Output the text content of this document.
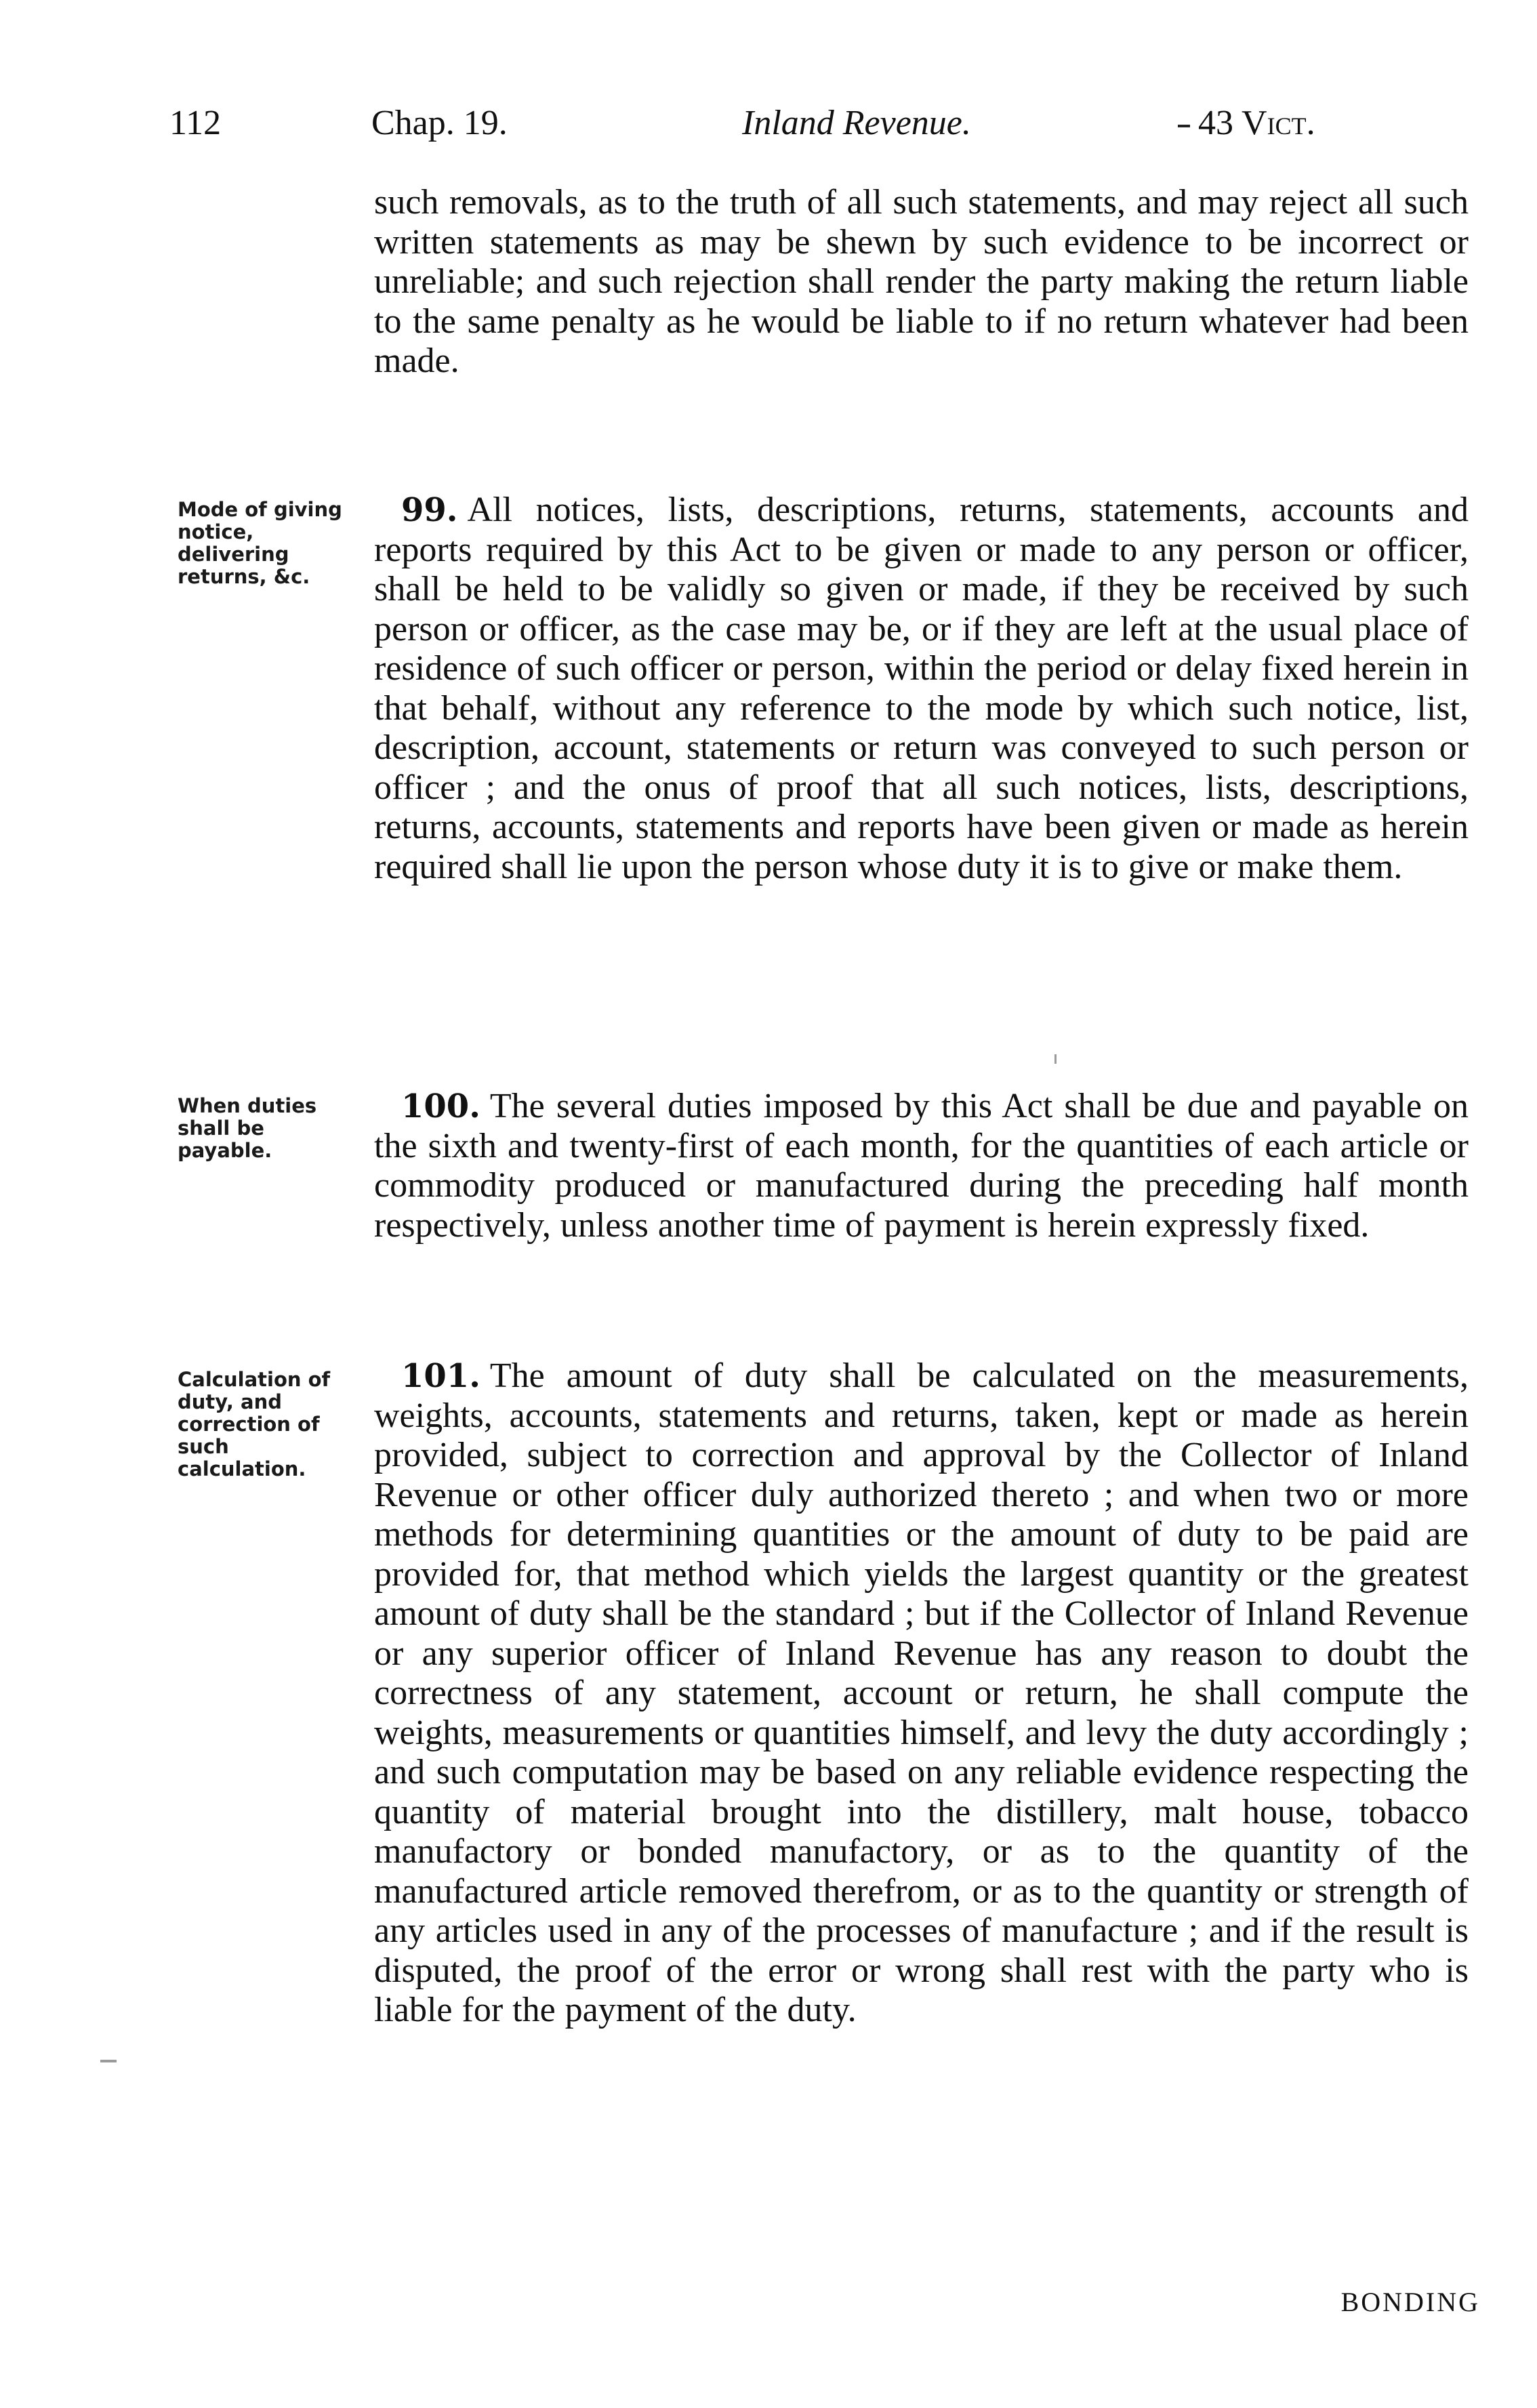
112	Chap. 19.	Inland Revenue.	43 Vict.
such removals, as to the truth of all such statements, and may reject all such written statements as may be shewn by such evidence to be incorrect or unreliable; and such rejection shall render the party making the return liable to the same penalty as he would be liable to if no return whatever had been made.
Mode of giving notice, delivering returns, &c.
99. All notices, lists, descriptions, returns, statements, accounts and reports required by this Act to be given or made to any person or officer, shall be held to be validly so given or made, if they be received by such person or officer, as the case may be, or if they are left at the usual place of residence of such officer or person, within the period or delay fixed herein in that behalf, without any reference to the mode by which such notice, list, description, account, statements or return was conveyed to such person or officer ; and the onus of proof that all such notices, lists, descriptions, returns, accounts, statements and reports have been given or made as herein required shall lie upon the person whose duty it is to give or make them.
When duties shall be payable.
100. The several duties imposed by this Act shall be due and payable on the sixth and twenty-first of each month, for the quantities of each article or commodity produced or manufactured during the preceding half month respectively, unless another time of payment is herein expressly fixed.
Calculation of duty, and correction of such calculation.
101. The amount of duty shall be calculated on the measurements, weights, accounts, statements and returns, taken, kept or made as herein provided, subject to correction and approval by the Collector of Inland Revenue or other officer duly authorized thereto ; and when two or more methods for determining quantities or the amount of duty to be paid are provided for, that method which yields the largest quantity or the greatest amount of duty shall be the standard ; but if the Collector of Inland Revenue or any superior officer of Inland Revenue has any reason to doubt the correctness of any statement, account or return, he shall compute the weights, measurements or quantities himself, and levy the duty accordingly ; and such computation may be based on any reliable evidence respecting the quantity of material brought into the distillery, malt house, tobacco manufactory or bonded manufactory, or as to the quantity of the manufactured article removed therefrom, or as to the quantity or strength of any articles used in any of the processes of manufacture ; and if the result is disputed, the proof of the error or wrong shall rest with the party who is liable for the payment of the duty.
BONDING
